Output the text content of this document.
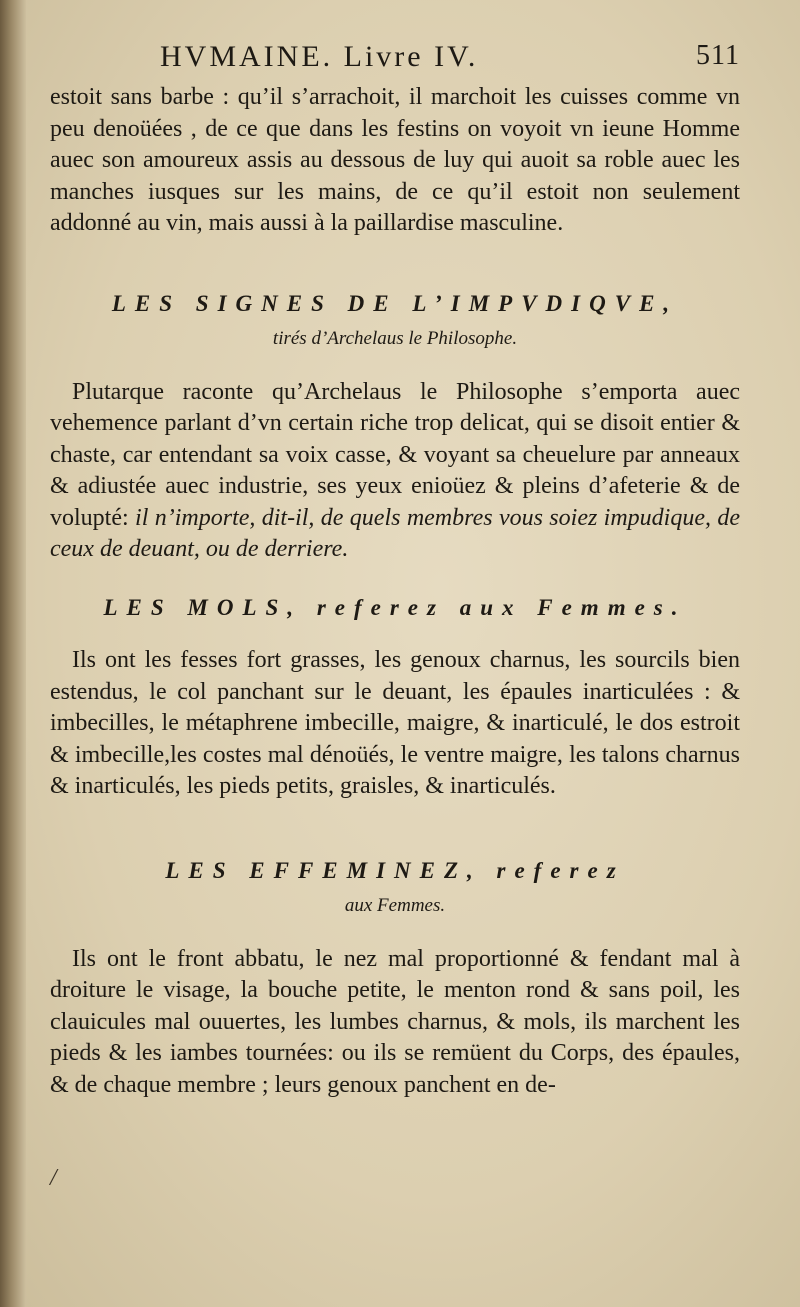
HVMAINE. Livre IV.	511

estoit sans barbe : qu’il s’arrachoit, il marchoit les cuisses comme vn peu denoüées , de ce que dans les festins on voyoit vn ieune Homme auec son amoureux assis au dessous de luy qui auoit sa roble auec les manches iusques sur les mains, de ce qu’il estoit non seulement addonné au vin, mais aussi à la paillardise masculine.

LES SIGNES DE L’IMPVDIQVE,

tirés d’Archelaus le Philosophe.

Plutarque raconte qu’Archelaus le Philosophe s’emporta auec vehemence parlant d’vn certain riche trop delicat, qui se disoit entier & chaste, car entendant sa voix casse, & voyant sa cheuelure par anneaux & adiustée auec industrie, ses yeux enioüez & pleins d’afeterie & de volupté: il n’importe, dit-il, de quels membres vous soiez impudique, de ceux de deuant, ou de derriere.

LES MOLS, referez aux Femmes.

Ils ont les fesses fort grasses, les genoux charnus, les sourcils bien estendus, le col panchant sur le deuant, les épaules inarticulées : & imbecilles, le métaphrene imbecille, maigre, & inarticulé, le dos estroit & imbecille,les costes mal dénoüés, le ventre maigre, les talons charnus & inarticulés, les pieds petits, graisles, & inarticulés.

LES EFFEMINEZ, referez

aux Femmes.

Ils ont le front abbatu, le nez mal proportionné & fendant mal à droiture le visage, la bouche petite, le menton rond & sans poil, les clauicules mal ouuertes, les lumbes charnus, & mols, ils marchent les pieds & les iambes tournées: ou ils se remüent du Corps, des épaules, & de chaque membre ; leurs genoux panchent en de-

/
